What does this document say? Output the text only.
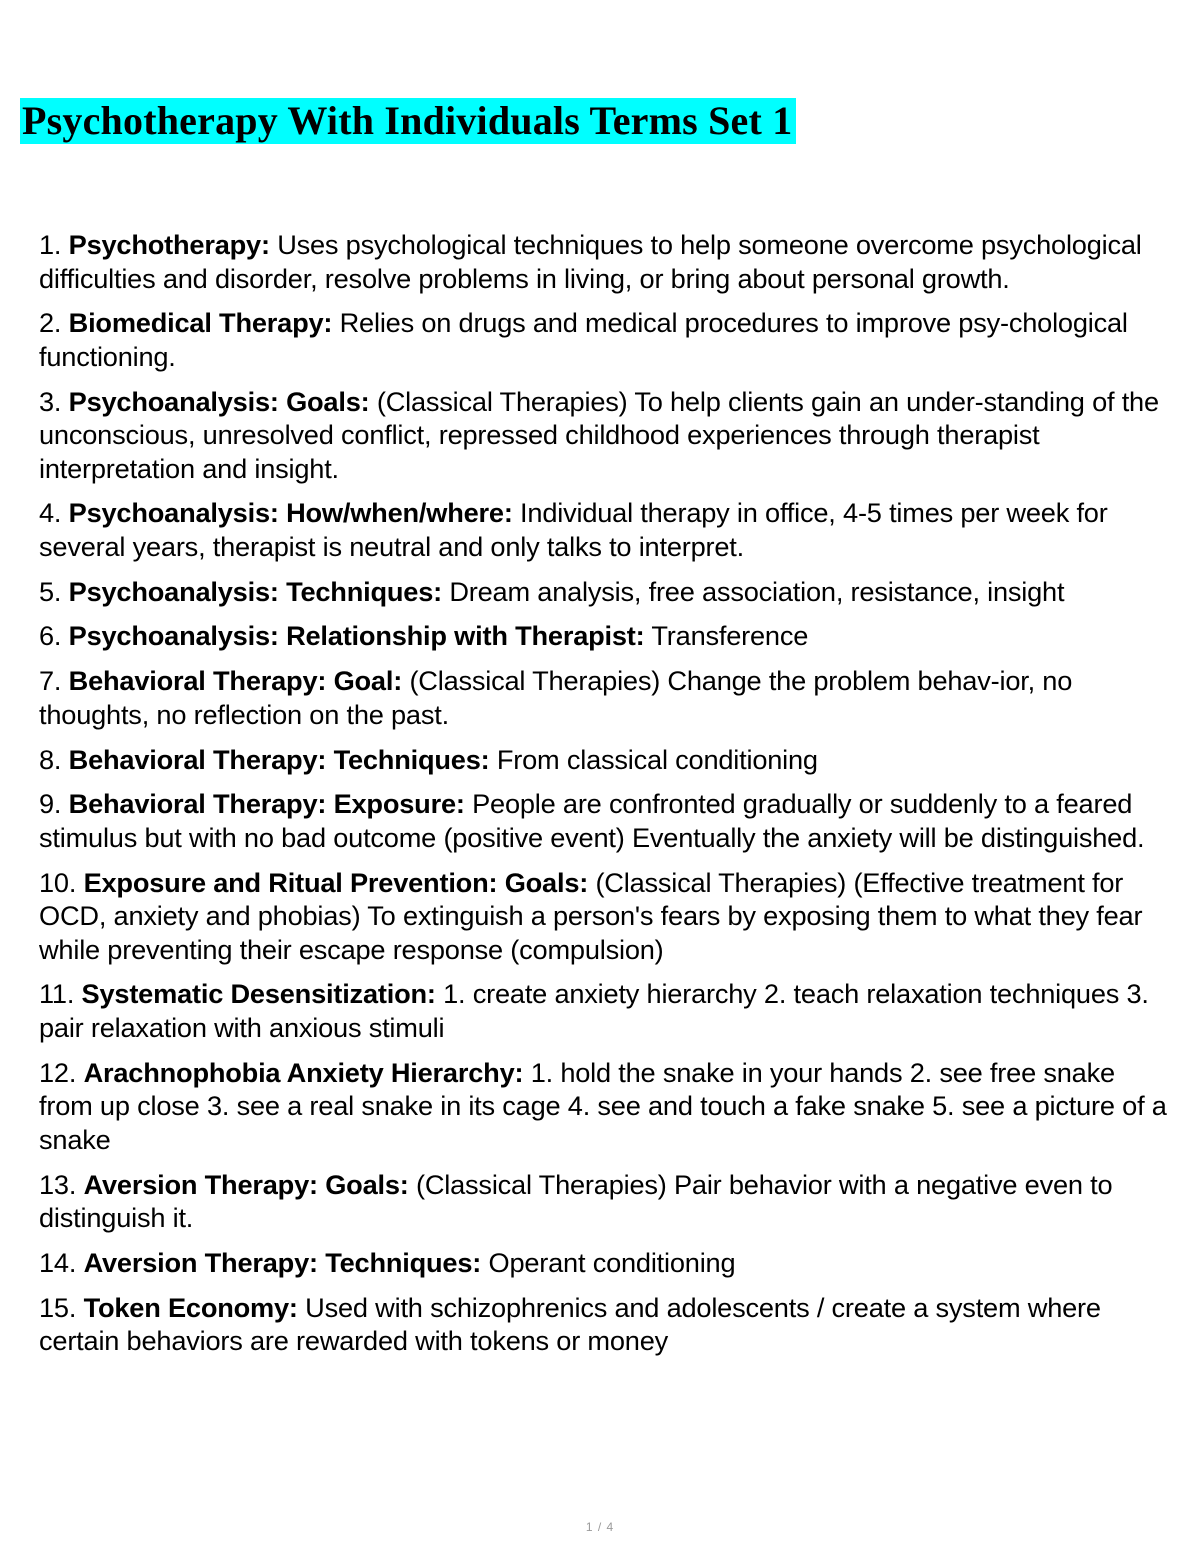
Psychotherapy With Individuals Terms Set 1
1. Psychotherapy: Uses psychological techniques to help someone overcome psychological difficulties and disorder, resolve problems in living, or bring about personal growth.
2. Biomedical Therapy: Relies on drugs and medical procedures to improve psy-chological functioning.
3. Psychoanalysis: Goals: (Classical Therapies) To help clients gain an under-standing of the unconscious, unresolved conflict, repressed childhood experiences through therapist interpretation and insight.
4. Psychoanalysis: How/when/where: Individual therapy in office, 4-5 times per week for several years, therapist is neutral and only talks to interpret.
5. Psychoanalysis: Techniques: Dream analysis, free association, resistance, insight
6. Psychoanalysis: Relationship with Therapist: Transference
7. Behavioral Therapy: Goal: (Classical Therapies) Change the problem behav-ior, no thoughts, no reflection on the past.
8. Behavioral Therapy: Techniques: From classical conditioning
9. Behavioral Therapy: Exposure: People are confronted gradually or suddenly to a feared stimulus but with no bad outcome (positive event) Eventually the anxiety will be distinguished.
10. Exposure and Ritual Prevention: Goals: (Classical Therapies) (Effective treatment for OCD, anxiety and phobias) To extinguish a person's fears by exposing them to what they fear while preventing their escape response (compulsion)
11. Systematic Desensitization: 1. create anxiety hierarchy 2. teach relaxation techniques 3. pair relaxation with anxious stimuli
12. Arachnophobia Anxiety Hierarchy: 1. hold the snake in your hands 2. see free snake from up close 3. see a real snake in its cage 4. see and touch a fake snake 5. see a picture of a snake
13. Aversion Therapy: Goals: (Classical Therapies) Pair behavior with a negative even to distinguish it.
14. Aversion Therapy: Techniques: Operant conditioning
15. Token Economy: Used with schizophrenics and adolescents / create a system where certain behaviors are rewarded with tokens or money
1 / 4
